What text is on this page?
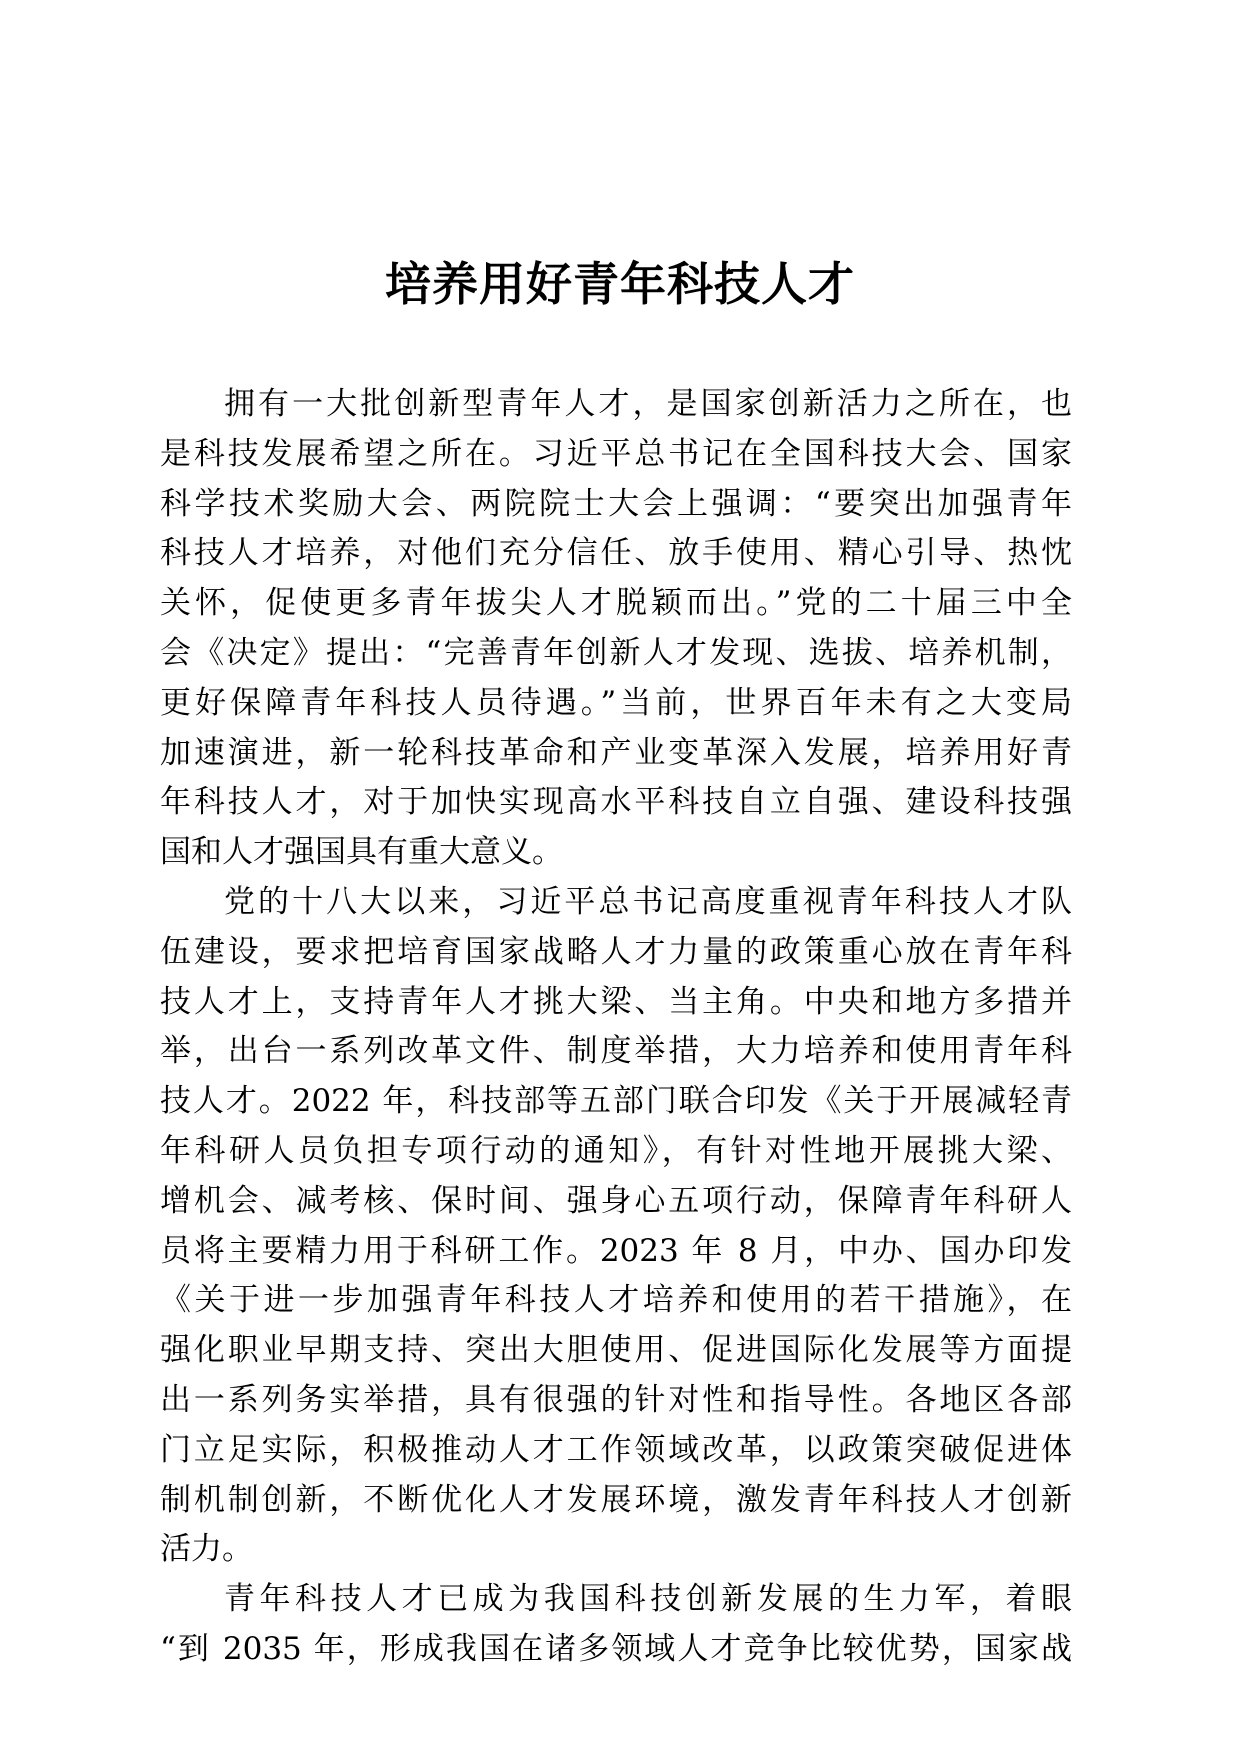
培养用好青年科技人才
拥有一大批创新型青年人才，是国家创新活力之所在，也
是科技发展希望之所在。习近平总书记在全国科技大会、国家
科学技术奖励大会、两院院士大会上强调：“要突出加强青年
科技人才培养，对他们充分信任、放手使用、精心引导、热忱
关怀，促使更多青年拔尖人才脱颖而出。”党的二十届三中全
会《决定》提出：“完善青年创新人才发现、选拔、培养机制，
更好保障青年科技人员待遇。”当前，世界百年未有之大变局
加速演进，新一轮科技革命和产业变革深入发展，培养用好青
年科技人才，对于加快实现高水平科技自立自强、建设科技强
国和人才强国具有重大意义。
党的十八大以来，习近平总书记高度重视青年科技人才队
伍建设，要求把培育国家战略人才力量的政策重心放在青年科
技人才上，支持青年人才挑大梁、当主角。中央和地方多措并
举，出台一系列改革文件、制度举措，大力培养和使用青年科
技人才。2022 年，科技部等五部门联合印发《关于开展减轻青
年科研人员负担专项行动的通知》，有针对性地开展挑大梁、
增机会、减考核、保时间、强身心五项行动，保障青年科研人
员将主要精力用于科研工作。2023 年 8 月，中办、国办印发
《关于进一步加强青年科技人才培养和使用的若干措施》，在
强化职业早期支持、突出大胆使用、促进国际化发展等方面提
出一系列务实举措，具有很强的针对性和指导性。各地区各部
门立足实际，积极推动人才工作领域改革，以政策突破促进体
制机制创新，不断优化人才发展环境，激发青年科技人才创新
活力。
青年科技人才已成为我国科技创新发展的生力军，着眼
“到 2035 年，形成我国在诸多领域人才竞争比较优势，国家战
